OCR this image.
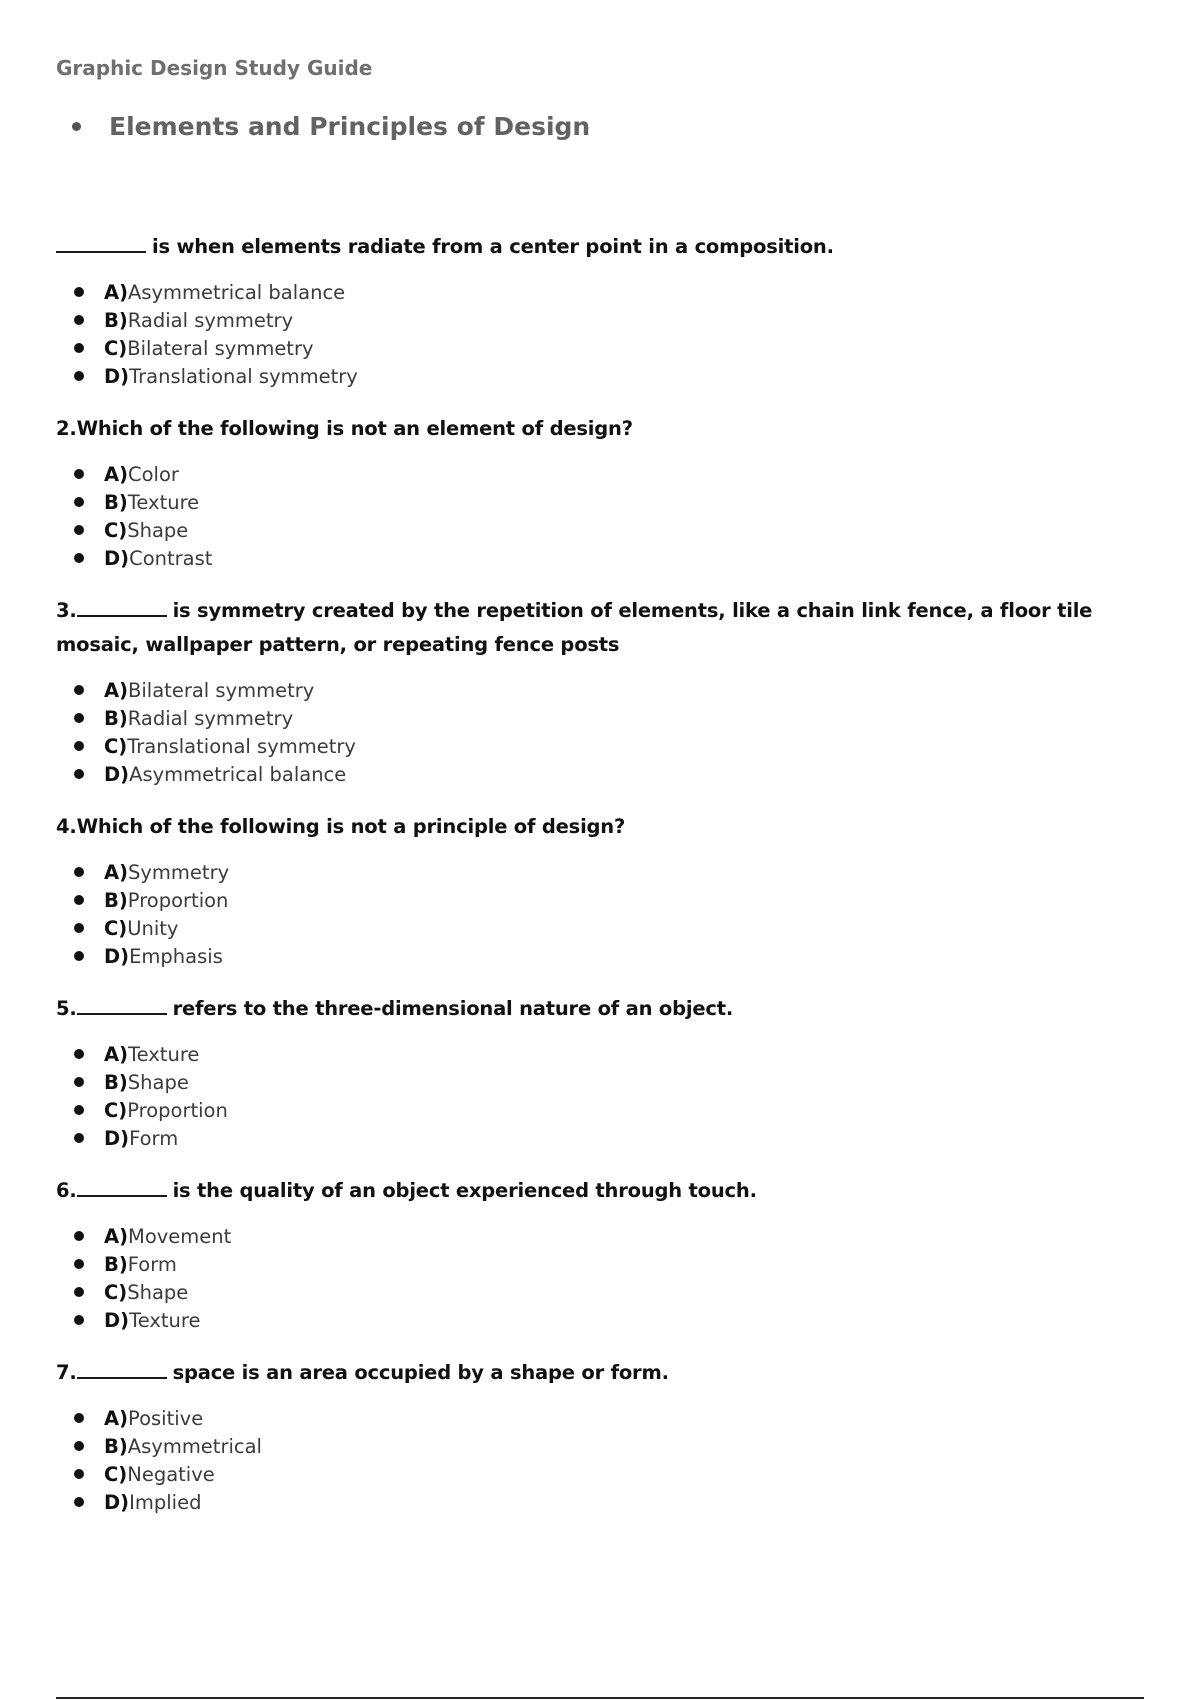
Graphic Design Study Guide
Elements and Principles of Design

is when elements radiate from a center point in a composition.

A) Asymmetrical balance
B) Radial symmetry
C) Bilateral symmetry
D) Translational symmetry

2.Which of the following is not an element of design?

A) Color
B) Texture
C) Shape
D) Contrast

3.	is symmetry created by the repetition of elements, like a chain link fence, a floor tile mosaic, wallpaper pattern, or repeating fence posts

A) Bilateral symmetry
B) Radial symmetry
C) Translational symmetry
D) Asymmetrical balance

4.Which of the following is not a principle of design?

A) Symmetry
B) Proportion
C) Unity
D) Emphasis

5.	refers to the three-dimensional nature of an object.

A) Texture
B) Shape
C) Proportion
D) Form

6.	is the quality of an object experienced through touch.

A) Movement
B) Form
C) Shape
D) Texture

7.	space is an area occupied by a shape or form.

A) Positive
B) Asymmetrical
C) Negative
D) Implied
